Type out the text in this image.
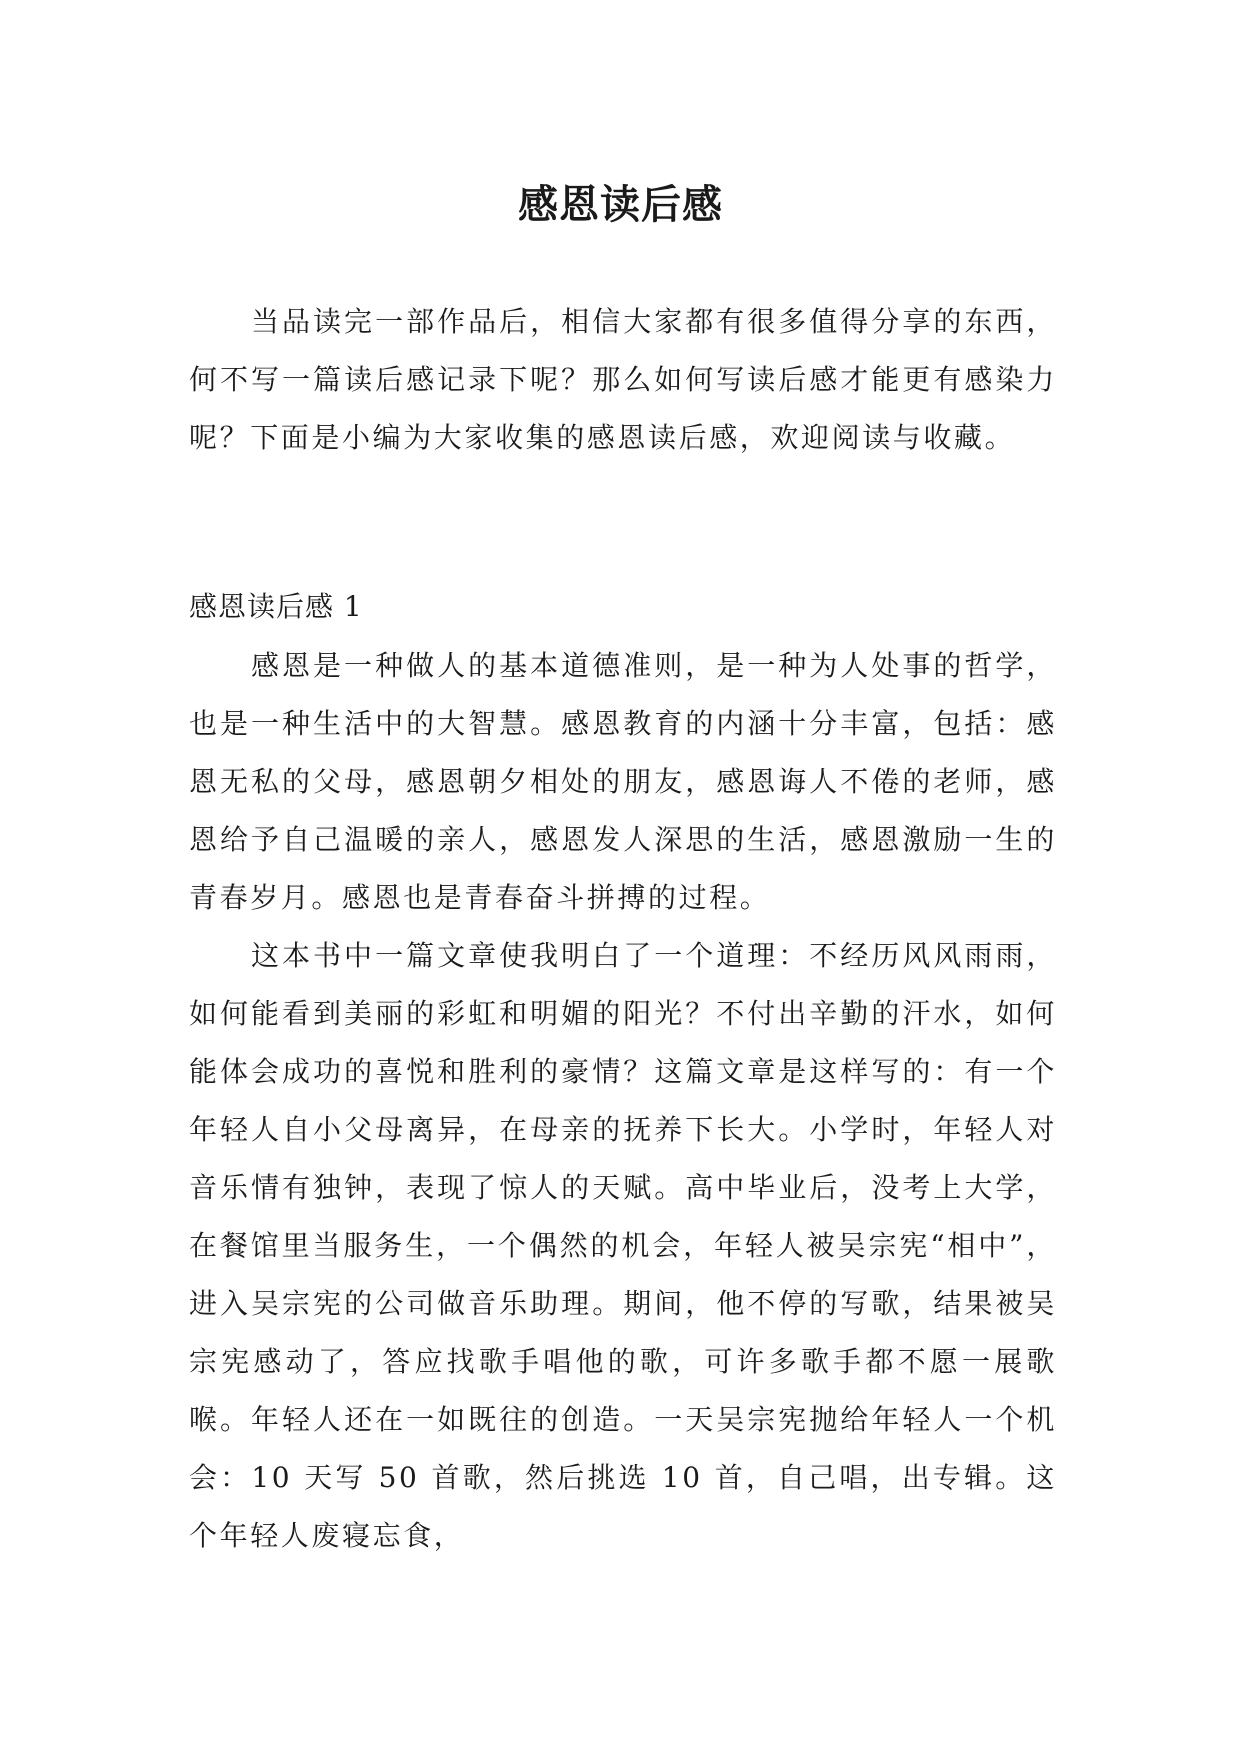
感恩读后感

当品读完一部作品后，相信大家都有很多值得分享的东西，何不写一篇读后感记录下呢？那么如何写读后感才能更有感染力呢？下面是小编为大家收集的感恩读后感，欢迎阅读与收藏。

感恩读后感 1

感恩是一种做人的基本道德准则，是一种为人处事的哲学，也是一种生活中的大智慧。感恩教育的内涵十分丰富，包括：感恩无私的父母，感恩朝夕相处的朋友，感恩诲人不倦的老师，感恩给予自己温暖的亲人，感恩发人深思的生活，感恩激励一生的青春岁月。感恩也是青春奋斗拼搏的过程。

这本书中一篇文章使我明白了一个道理：不经历风风雨雨，如何能看到美丽的彩虹和明媚的阳光？不付出辛勤的汗水，如何能体会成功的喜悦和胜利的豪情？这篇文章是这样写的：有一个年轻人自小父母离异，在母亲的抚养下长大。小学时，年轻人对音乐情有独钟，表现了惊人的天赋。高中毕业后，没考上大学，在餐馆里当服务生，一个偶然的机会，年轻人被吴宗宪“相中”，进入吴宗宪的公司做音乐助理。期间，他不停的写歌，结果被吴宗宪感动了，答应找歌手唱他的歌，可许多歌手都不愿一展歌喉。年轻人还在一如既往的创造。一天吴宗宪抛给年轻人一个机会：10 天写 50 首歌，然后挑选 10 首，自己唱，出专辑。这个年轻人废寝忘食，
